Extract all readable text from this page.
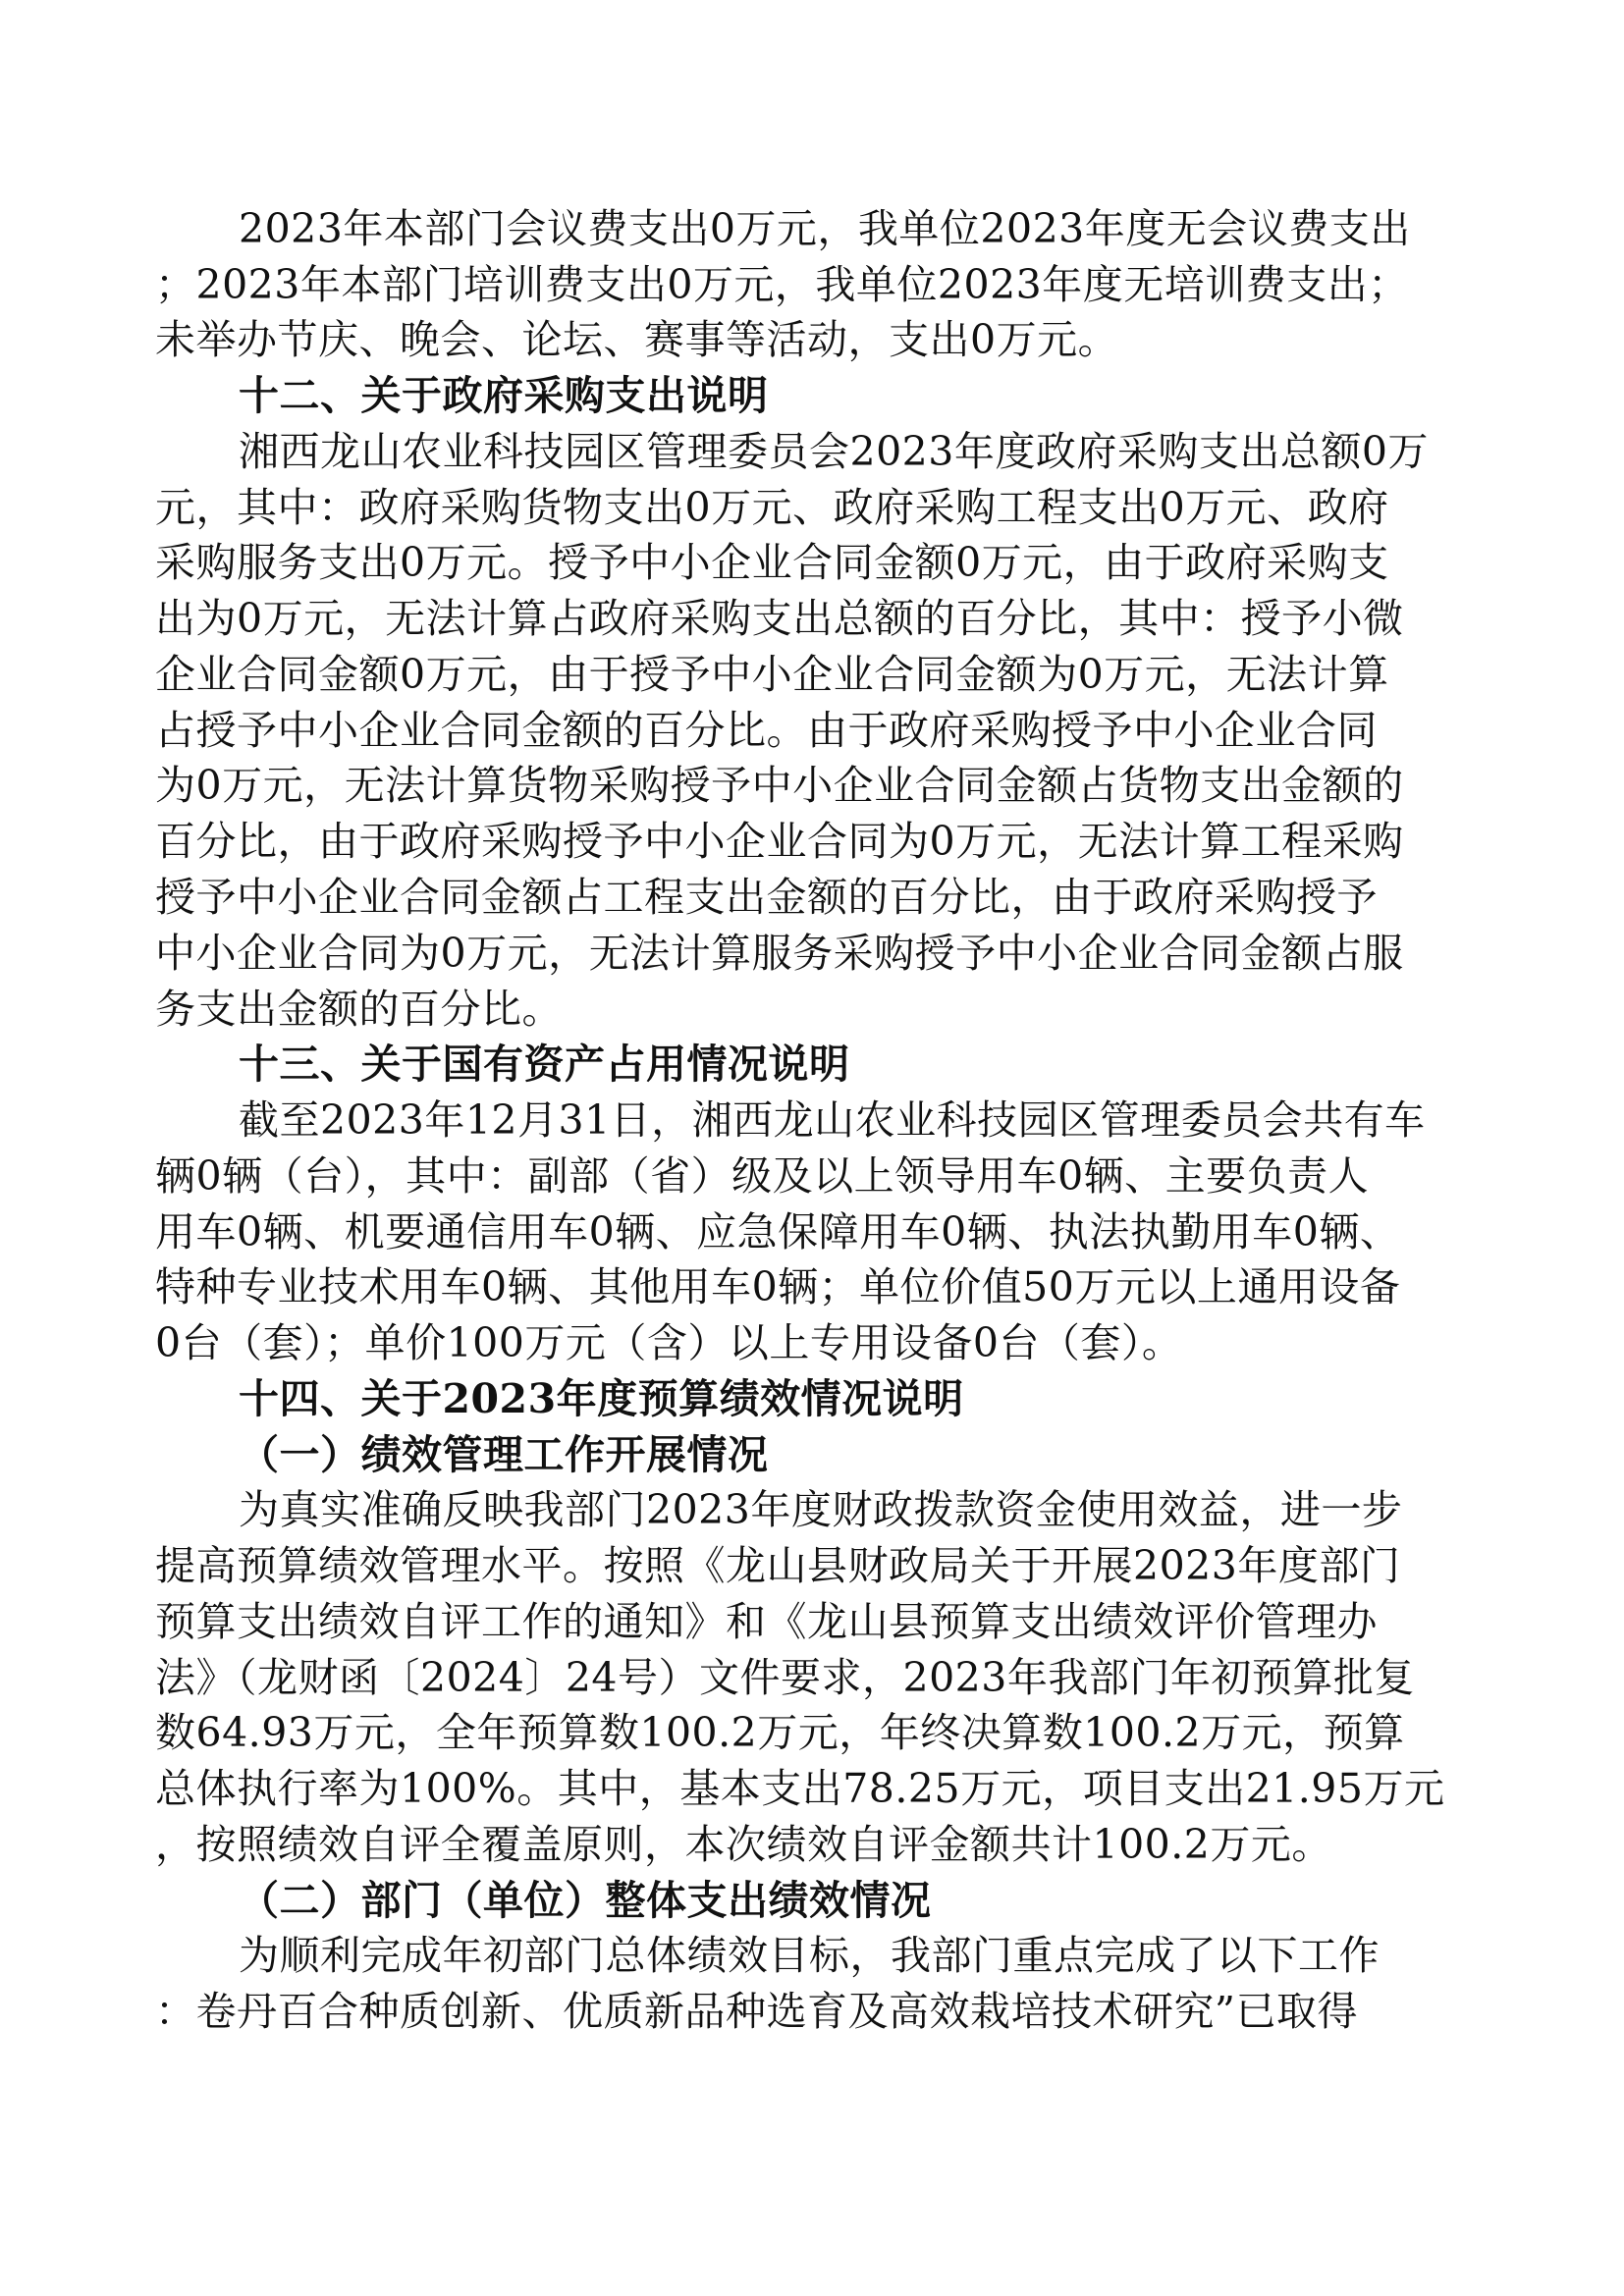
2023年本部门会议费支出0万元，我单位2023年度无会议费支出
；2023年本部门培训费支出0万元，我单位2023年度无培训费支出；
未举办节庆、晚会、论坛、赛事等活动，支出0万元。
十二、关于政府采购支出说明
湘西龙山农业科技园区管理委员会2023年度政府采购支出总额0万
元，其中：政府采购货物支出0万元、政府采购工程支出0万元、政府
采购服务支出0万元。授予中小企业合同金额0万元，由于政府采购支
出为0万元，无法计算占政府采购支出总额的百分比，其中：授予小微
企业合同金额0万元，由于授予中小企业合同金额为0万元，无法计算
占授予中小企业合同金额的百分比。由于政府采购授予中小企业合同
为0万元，无法计算货物采购授予中小企业合同金额占货物支出金额的
百分比，由于政府采购授予中小企业合同为0万元，无法计算工程采购
授予中小企业合同金额占工程支出金额的百分比，由于政府采购授予
中小企业合同为0万元，无法计算服务采购授予中小企业合同金额占服
务支出金额的百分比。
十三、关于国有资产占用情况说明
截至2023年12月31日，湘西龙山农业科技园区管理委员会共有车
辆0辆（台），其中：副部（省）级及以上领导用车0辆、主要负责人
用车0辆、机要通信用车0辆、应急保障用车0辆、执法执勤用车0辆、
特种专业技术用车0辆、其他用车0辆；单位价值50万元以上通用设备
0台（套）；单价100万元（含）以上专用设备0台（套）。
十四、关于2023年度预算绩效情况说明
（一）绩效管理工作开展情况
为真实准确反映我部门2023年度财政拨款资金使用效益，进一步
提高预算绩效管理水平。按照《龙山县财政局关于开展2023年度部门
预算支出绩效自评工作的通知》和《龙山县预算支出绩效评价管理办
法》（龙财函〔2024〕24号）文件要求，2023年我部门年初预算批复
数64.93万元，全年预算数100.2万元，年终决算数100.2万元，预算
总体执行率为100%。其中，基本支出78.25万元，项目支出21.95万元
，按照绩效自评全覆盖原则，本次绩效自评金额共计100.2万元。
（二）部门（单位）整体支出绩效情况
为顺利完成年初部门总体绩效目标，我部门重点完成了以下工作
：卷丹百合种质创新、优质新品种选育及高效栽培技术研究”已取得
